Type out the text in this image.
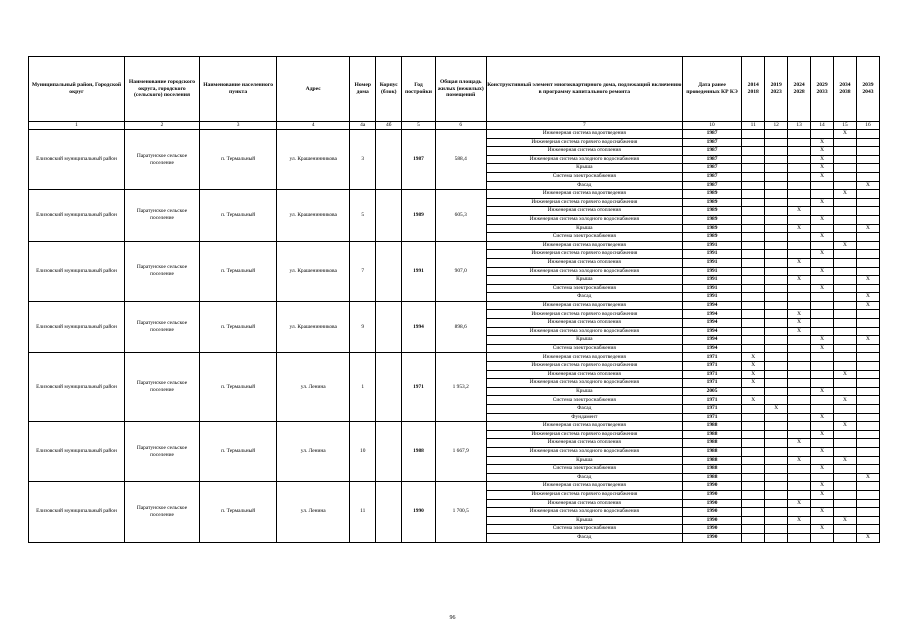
Муниципальный район, Городской округ	Наименование городского округа, городского (сельского) поселения	Наименование населенного пункта	Адрес	Номер дома	Корпус (блок)	Год постройки	Общая площадь жилых (нежилых) помещений	Конструктивный элемент многоквартирного дома, подлежащий включению в программу капитального ремонта	Дата ранее проведенных КР КЭ	2014 2018	2019 2023	2024 2028	2029 2033	2034 2038	2039 2043
1	2	3	4	4а	4б	5	6	7	10	11	12	13	14	15	16
Елизовский муниципальный район	Паратунское сельское поселение	п. Термальный	ул. Крашенинникова	3		1987	588,4	Инженерная система водоотведения	1987					Х	
								Инженерная система горячего водоснабжения	1987				Х		
								Инженерная система отопления	1987				Х		
								Инженерная система холодного водоснабжения	1987				Х		
								Крыша	1987				Х		
								Система электроснабжения	1987				Х		
								Фасад	1987						Х
Елизовский муниципальный район	Паратунское сельское поселение	п. Термальный	ул. Крашенинникова	5		1989	605,3	Инженерная система водоотведения	1989					Х	
								Инженерная система горячего водоснабжения	1989				Х		
								Инженерная система отопления	1989			Х			
								Инженерная система холодного водоснабжения	1989				Х		
								Крыша	1989			Х			Х
								Система электроснабжения	1989				Х		
Елизовский муниципальный район	Паратунское сельское поселение	п. Термальный	ул. Крашенинникова	7		1991	907,0	Инженерная система водоотведения	1991					Х	
								Инженерная система горячего водоснабжения	1991				Х		
								Инженерная система отопления	1991			Х			
								Инженерная система холодного водоснабжения	1991				Х		
								Крыша	1991			Х			Х
								Система электроснабжения	1991				Х		
								Фасад	1991						Х
Елизовский муниципальный район	Паратунское сельское поселение	п. Термальный	ул. Крашенинникова	9		1994	898,6	Инженерная система водоотведения	1994						Х
								Инженерная система горячего водоснабжения	1994			Х			
								Инженерная система отопления	1994			Х			
								Инженерная система холодного водоснабжения	1994			Х			
								Крыша	1994				Х		Х
								Система электроснабжения	1994				Х		
Елизовский муниципальный район	Паратунское сельское поселение	п. Термальный	ул. Ленина	1		1971	1 953,2	Инженерная система водоотведения	1971	Х					
								Инженерная система горячего водоснабжения	1971	Х					
								Инженерная система отопления	1971	Х				Х	
								Инженерная система холодного водоснабжения	1971	Х					
								Крыша	2005				Х		
								Система электроснабжения	1971	Х				Х	
								Фасад	1971		Х				
								Фундамент	1971				Х		
Елизовский муниципальный район	Паратунское сельское поселение	п. Термальный	ул. Ленина	10		1988	1 667,9	Инженерная система водоотведения	1988					Х	
								Инженерная система горячего водоснабжения	1988				Х		
								Инженерная система отопления	1988			Х			
								Инженерная система холодного водоснабжения	1988				Х		
								Крыша	1988			Х		Х	
								Система электроснабжения	1988				Х		
								Фасад	1988						Х
Елизовский муниципальный район	Паратунское сельское поселение	п. Термальный	ул. Ленина	11		1990	1 700,5	Инженерная система водоотведения	1990				Х		
								Инженерная система горячего водоснабжения	1990				Х		
								Инженерная система отопления	1990			Х			
								Инженерная система холодного водоснабжения	1990				Х		
								Крыша	1990			Х		Х	
								Система электроснабжения	1990				Х		
								Фасад	1990						Х
96
